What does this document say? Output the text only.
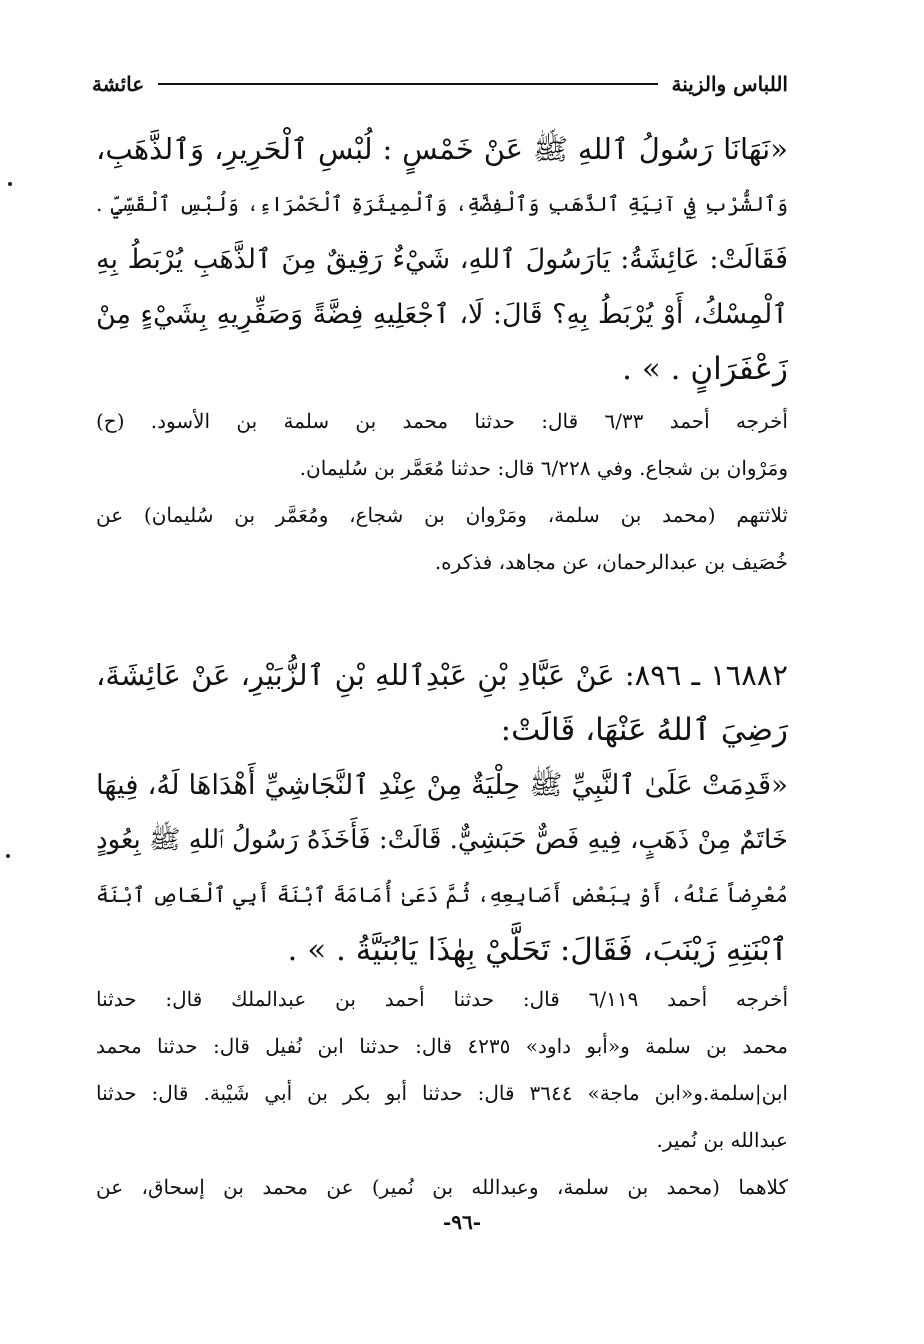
اللباس والزينة
عائشة
«نَهَانَا رَسُولُ ٱللهِ ﷺ عَنْ خَمْسٍ : لُبْسِ ٱلْحَرِيرِ، وَٱلذَّهَبِ،
وَٱلشُّرْبِ فِي آنِيَةِ ٱلذَّهَبِ وَٱلْفِضَّةِ، وَٱلْمِيثَرَةِ ٱلْحَمْرَاءِ، وَلُبْسِ ٱلْقَسِّيِّ .
فَقَالَتْ: عَائِشَةُ: يَارَسُولَ ٱللهِ، شَيْءٌ رَقِيقٌ مِنَ ٱلذَّهَبِ يُرْبَطُ بِهِ
ٱلْمِسْكُ، أَوْ يُرْبَطُ بِهِ؟ قَالَ: لَا، ٱجْعَلِيهِ فِضَّةً وَصَفِّرِيهِ بِشَيْءٍ مِنْ
زَعْفَرَانٍ . » .
أخرجه أحمد ٦/٣٣ قال: حدثنا محمد بن سلمة بن الأسود. (ح)
ومَرْوان بن شجاع. وفي ٦/٢٢٨ قال: حدثنا مُعَمَّر بن سُليمان.
ثلاثتهم (محمد بن سلمة، ومَرْوان بن شجاع، ومُعَمَّر بن سُليمان) عن
خُصَيف بن عبدالرحمان، عن مجاهد، فذكره.
١٦٨٨٢ ـ ٨٩٦: عَنْ عَبَّادِ بْنِ عَبْدِٱللهِ بْنِ ٱلزُّبَيْرِ، عَنْ عَائِشَةَ،
رَضِيَ ٱللهُ عَنْهَا، قَالَتْ:
«قَدِمَتْ عَلَىٰ ٱلنَّبِيِّ ﷺ حِلْيَةٌ مِنْ عِنْدِ ٱلنَّجَاشِيِّ أَهْدَاهَا لَهُ، فِيهَا
خَاتَمٌ مِنْ ذَهَبٍ، فِيهِ فَصٌّ حَبَشِيٌّ. قَالَتْ: فَأَخَذَهُ رَسُولُ ٱللهِ ﷺ بِعُودٍ
مُعْرِضاً عَنْهُ، أَوْ بِبَعْضِ أَصَابِعِهِ، ثُمَّ دَعَىٰ أُمَامَةَ ٱبْنَةَ أَبِي ٱلْعَاصِ ٱبْنَةَ
ٱبْنَتِهِ زَيْنَبَ، فَقَالَ: تَحَلَّيْ بِهٰذَا يَابُنَيَّةُ . » .
أخرجه أحمد ٦/١١٩ قال: حدثنا أحمد بن عبدالملك قال: حدثنا
محمد بن سلمة و«أبو داود» ٤٢٣٥ قال: حدثنا ابن نُفيل قال: حدثنا محمد
ابن|سلمة.و«ابن ماجة» ٣٦٤٤ قال: حدثنا أبو بكر بن أبي شَيْبة. قال: حدثنا
عبدالله بن نُمير.
كلاهما (محمد بن سلمة، وعبدالله بن نُمير) عن محمد بن إسحاق، عن
-٩٦-
